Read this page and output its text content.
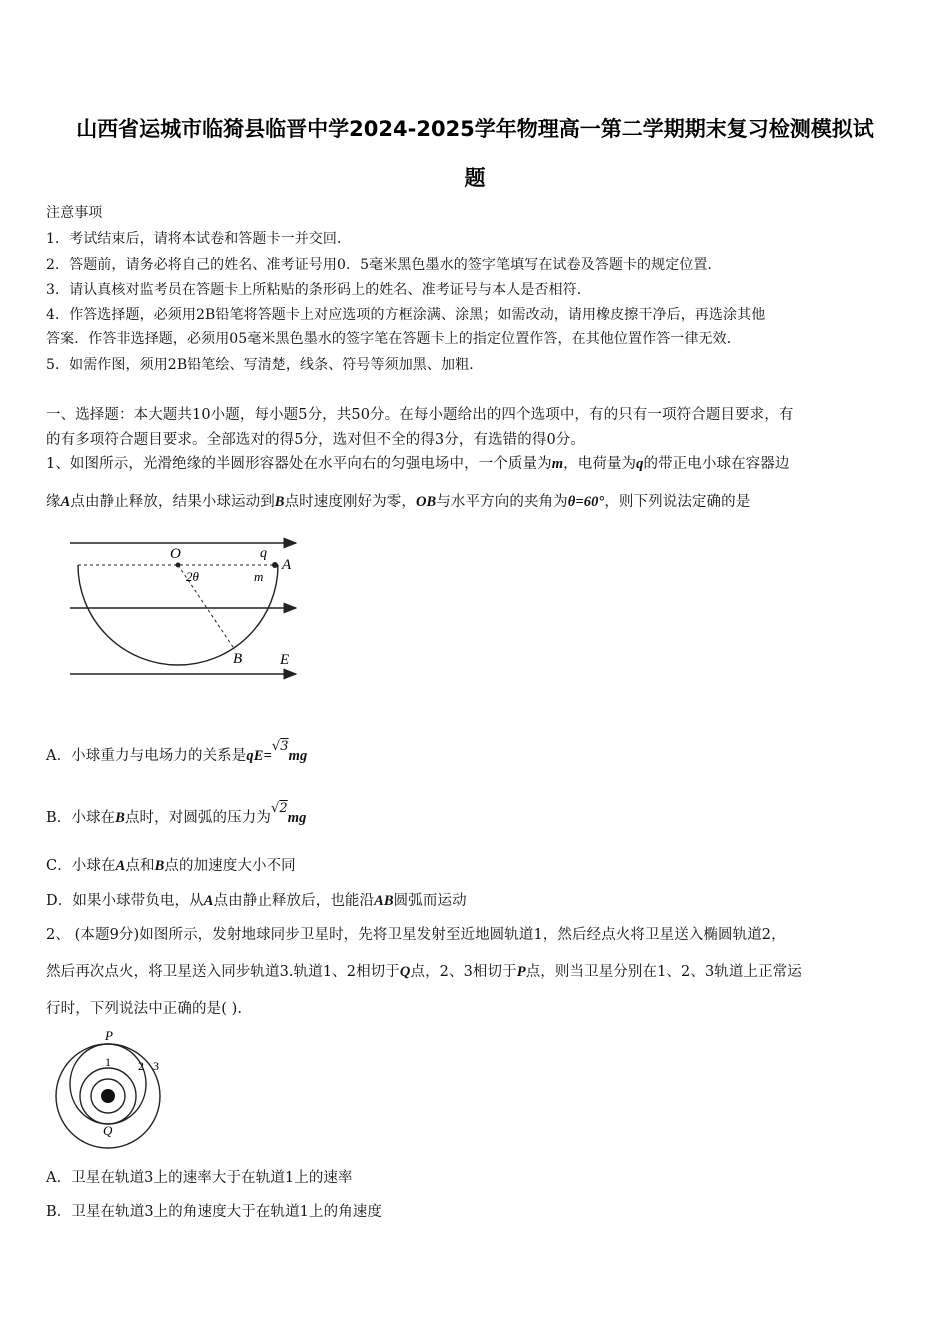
山西省运城市临猗县临晋中学2024-2025学年物理高一第二学期期末复习检测模拟试
题
注意事项
1．考试结束后，请将本试卷和答题卡一并交回．
2．答题前，请务必将自己的姓名、准考证号用0．5毫米黑色墨水的签字笔填写在试卷及答题卡的规定位置．
3．请认真核对监考员在答题卡上所粘贴的条形码上的姓名、准考证号与本人是否相符．
4．作答选择题，必须用2B铅笔将答题卡上对应选项的方框涂满、涂黑；如需改动，请用橡皮擦干净后，再选涂其他
答案．作答非选择题，必须用05毫米黑色墨水的签字笔在答题卡上的指定位置作答，在其他位置作答一律无效．
5．如需作图，须用2B铅笔绘、写清楚，线条、符号等须加黑、加粗．
一、选择题：本大题共10小题，每小题5分，共50分。在每小题给出的四个选项中，有的只有一项符合题目要求，有
的有多项符合题目要求。全部选对的得5分，选对但不全的得3分，有选错的得0分。
1、如图所示，光滑绝缘的半圆形容器处在水平向右的匀强电场中，一个质量为m，电荷量为q的带正电小球在容器边
缘A点由静止释放，结果小球运动到B点时速度刚好为零，OB与水平方向的夹角为θ=60°，则下列说法定确的是
O	q
A
m
2θ
B	E
A．小球重力与电场力的关系是qE=√3mg
B．小球在B点时，对圆弧的压力为√2mg
C．小球在A点和B点的加速度大小不同
D．如果小球带负电，从A点由静止释放后，也能沿AB圆弧而运动
2、 (本题9分)如图所示，发射地球同步卫星时，先将卫星发射至近地圆轨道1，然后经点火将卫星送入椭圆轨道2，
然后再次点火，将卫星送入同步轨道3.轨道1、2相切于Q点，2、3相切于P点，则当卫星分别在1、2、3轨道上正常运
行时，下列说法中正确的是( ).
P
1 2 3
Q
A．卫星在轨道3上的速率大于在轨道1上的速率
B．卫星在轨道3上的角速度大于在轨道1上的角速度
